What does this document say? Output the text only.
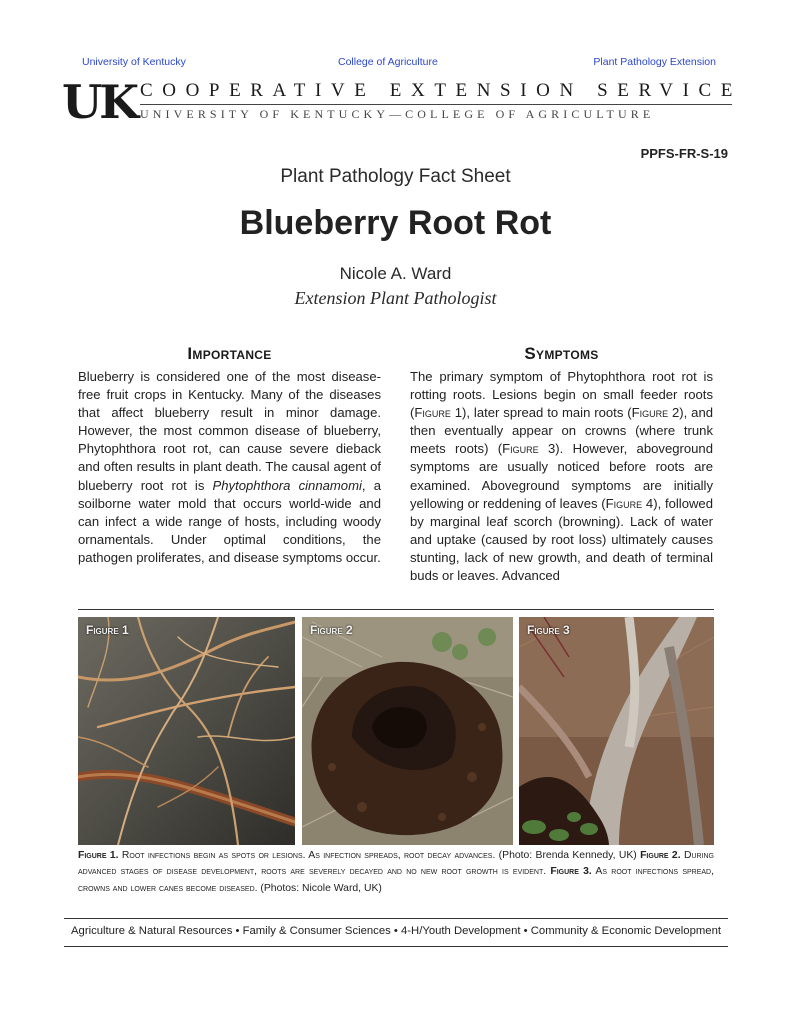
University of Kentucky	College of Agriculture	Plant Pathology Extension
UK COOPERATIVE EXTENSION SERVICE
UNIVERSITY OF KENTUCKY—COLLEGE OF AGRICULTURE
PPFS-FR-S-19
Plant Pathology Fact Sheet
Blueberry Root Rot
Nicole A. Ward
Extension Plant Pathologist
Importance

Blueberry is considered one of the most disease-free fruit crops in Kentucky. Many of the diseases that affect blueberry result in minor damage. However, the most common disease of blueberry, Phytophthora root rot, can cause severe dieback and often results in plant death. The causal agent of blueberry root rot is Phytophthora cinnamomi, a soilborne water mold that occurs world-wide and can infect a wide range of hosts, including woody ornamentals. Under optimal conditions, the pathogen proliferates, and disease symptoms occur.

Symptoms

The primary symptom of Phytophthora root rot is rotting roots. Lesions begin on small feeder roots (Figure 1), later spread to main roots (Figure 2), and then eventually appear on crowns (where trunk meets roots) (Figure 3). However, aboveground symptoms are usually noticed before roots are examined. Aboveground symptoms are initially yellowing or reddening of leaves (Figure 4), followed by marginal leaf scorch (browning). Lack of water and uptake (caused by root loss) ultimately causes stunting, lack of new growth, and death of terminal buds or leaves. Advanced

Figure 1	Figure 2	Figure 3
Figure 1. Root infections begin as spots or lesions. As infection spreads, root decay advances. (Photo: Brenda Kennedy, UK) Figure 2. During advanced stages of disease development, roots are severely decayed and no new root growth is evident. Figure 3. As root infections spread, crowns and lower canes become diseased. (Photos: Nicole Ward, UK)
Agriculture & Natural Resources • Family & Consumer Sciences • 4-H/Youth Development • Community & Economic Development
